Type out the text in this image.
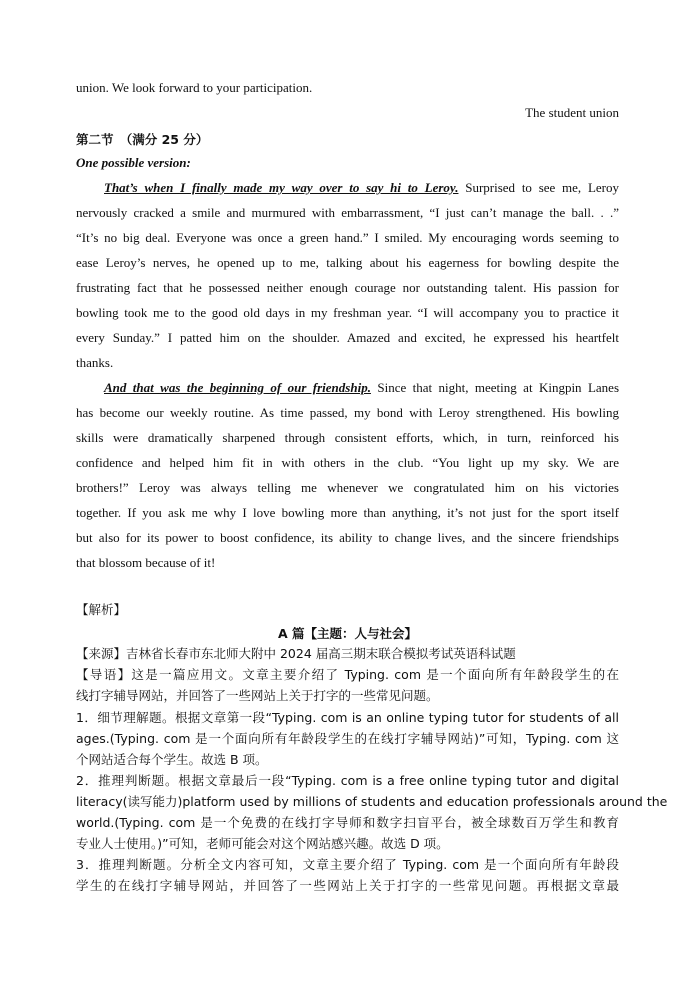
union. We look forward to your participation.
The student union
第二节　（满分 25 分）
One possible version:
That’s when I finally made my way over to say hi to Leroy. Surprised to see me, Leroy
nervously cracked a smile and murmured with embarrassment, “I just can’t manage the ball. . .”
“It’s no big deal. Everyone was once a green hand.” I smiled. My encouraging words seeming to
ease Leroy’s nerves, he opened up to me, talking about his eagerness for bowling despite the
frustrating fact that he possessed neither enough courage nor outstanding talent. His passion for
bowling took me to the good old days in my freshman year. “I will accompany you to practice it
every Sunday.” I patted him on the shoulder. Amazed and excited, he expressed his heartfelt
thanks.
And that was the beginning of our friendship. Since that night, meeting at Kingpin Lanes
has become our weekly routine. As time passed, my bond with Leroy strengthened. His bowling
skills were dramatically sharpened through consistent efforts, which, in turn, reinforced his
confidence and helped him fit in with others in the club. “You light up my sky. We are
brothers!” Leroy was always telling me whenever we congratulated him on his victories
together. If you ask me why I love bowling more than anything, it’s not just for the sport itself
but also for its power to boost confidence, its ability to change lives, and the sincere friendships
that blossom because of it!
【解析】
A 篇【主题：人与社会】
【来源】吉林省长春市东北师大附中 2024 届高三期末联合模拟考试英语科试题
【导语】这是一篇应用文。文章主要介绍了 Typing. com 是一个面向所有年龄段学生的在
线打字辅导网站，并回答了一些网站上关于打字的一些常见问题。
1．细节理解题。根据文章第一段“Typing. com is an online typing tutor for students of all
ages.(Typing. com 是一个面向所有年龄段学生的在线打字辅导网站)”可知，Typing. com 这
个网站适合每个学生。故选 B 项。
2．推理判断题。根据文章最后一段“Typing. com is a free online typing tutor and digital
literacy(读写能力)platform used by millions of students and education professionals around the
world.(Typing. com 是一个免费的在线打字导师和数字扫盲平台，被全球数百万学生和教育
专业人士使用。)”可知，老师可能会对这个网站感兴趣。故选 D 项。
3．推理判断题。分析全文内容可知，文章主要介绍了 Typing. com 是一个面向所有年龄段
学生的在线打字辅导网站，并回答了一些网站上关于打字的一些常见问题。再根据文章最
